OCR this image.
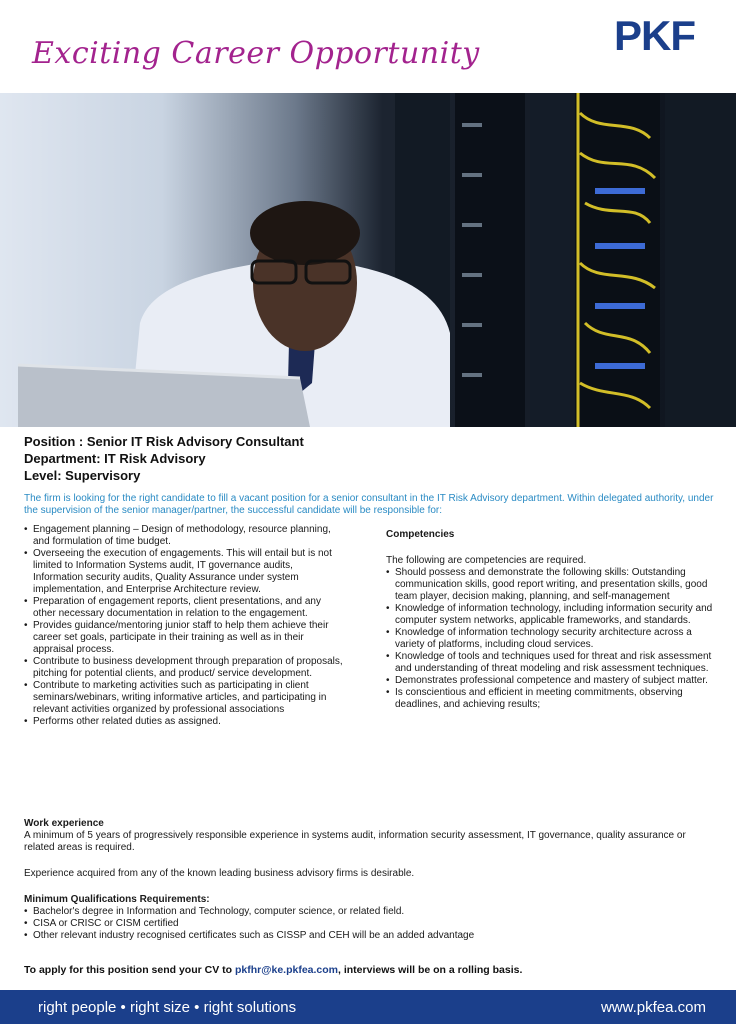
Exciting Career Opportunity	PKF
Position : Senior IT Risk Advisory Consultant
Department: IT Risk Advisory
Level: Supervisory
The firm is looking for the right candidate to fill a vacant position for a senior consultant in the IT Risk Advisory department. Within delegated authority, under the supervision of the senior manager/partner, the successful candidate will be responsible for:
• Engagement planning – Design of methodology, resource planning, and formulation of time budget.
• Overseeing the execution of engagements. This will entail but is not limited to Information Systems audit, IT governance audits, Information security audits, Quality Assurance under system implementation, and Enterprise Architecture review.
• Preparation of engagement reports, client presentations, and any other necessary documentation in relation to the engagement.
• Provides guidance/mentoring junior staff to help them achieve their career set goals, participate in their training as well as in their appraisal process.
• Contribute to business development through preparation of proposals, pitching for potential clients, and product/ service development.
• Contribute to marketing activities such as participating in client seminars/webinars, writing informative articles, and participating in relevant activities organized by professional associations
• Performs other related duties as assigned.
Competencies
The following are competencies are required.
• Should possess and demonstrate the following skills: Outstanding communication skills, good report writing, and presentation skills, good team player, decision making, planning, and self-management
• Knowledge of information technology, including information security and computer system networks, applicable frameworks, and standards.
• Knowledge of information technology security architecture across a variety of platforms, including cloud services.
• Knowledge of tools and techniques used for threat and risk assessment and understanding of threat modeling and risk assessment techniques.
• Demonstrates professional competence and mastery of subject matter.
• Is conscientious and efficient in meeting commitments, observing deadlines, and achieving results;
Work experience
A minimum of 5 years of progressively responsible experience in systems audit, information security assessment, IT governance, quality assurance or related areas is required.
Experience acquired from any of the known leading business advisory firms is desirable.
Minimum Qualifications Requirements:
• Bachelor's degree in Information and Technology, computer science, or related field.
• CISA or CRISC or CISM certified
• Other relevant industry recognised certificates such as CISSP and CEH will be an added advantage
To apply for this position send your CV to pkfhr@ke.pkfea.com, interviews will be on a rolling basis.
right people • right size • right solutions	www.pkfea.com
